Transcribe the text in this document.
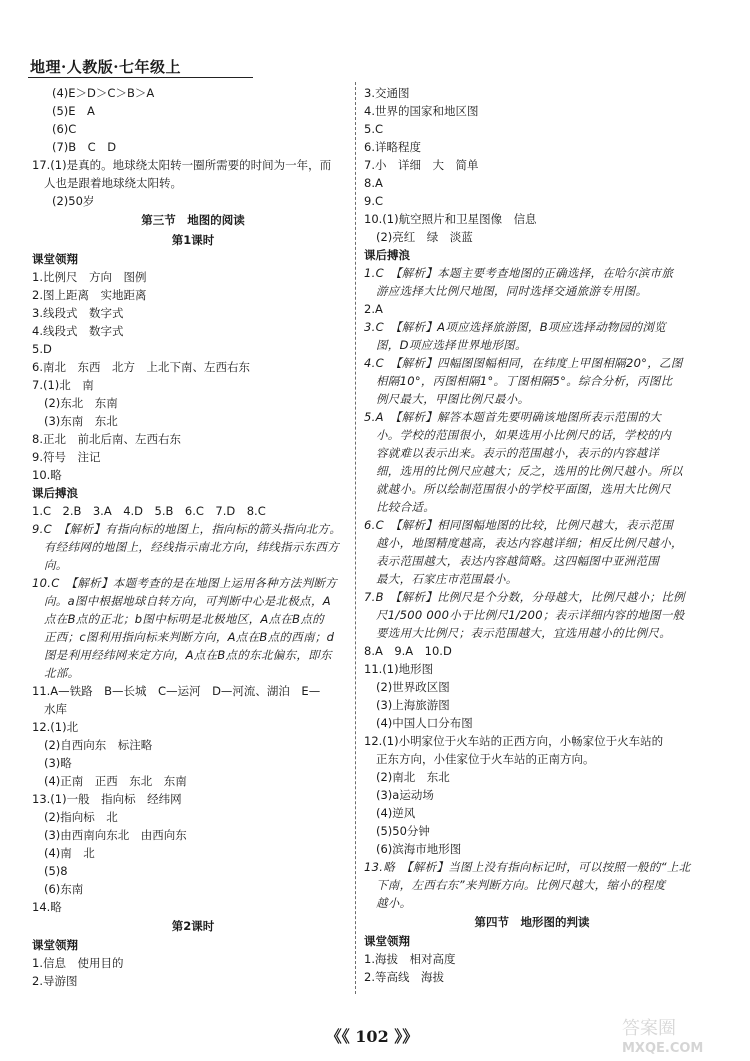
地理·人教版·七年级上
(4)E＞D＞C＞B＞A
(5)E　A
(6)C
(7)B　C　D
17.(1)是真的。地球绕太阳转一圈所需要的时间为一年，而
人也是跟着地球绕太阳转。
(2)50岁
第三节　地图的阅读
第1课时
课堂领翔
1.比例尺　方向　图例
2.图上距离　实地距离
3.线段式　数字式
4.线段式　数字式
5.D
6.南北　东西　北方　上北下南、左西右东
7.(1)北　南
(2)东北　东南
(3)东南　东北
8.正北　前北后南、左西右东
9.符号　注记
10.略
课后搏浪
1.C　2.B　3.A　4.D　5.B　6.C　7.D　8.C
9.C　【解析】有指向标的地图上，指向标的箭头指向北方。
有经纬网的地图上，经线指示南北方向，纬线指示东西方
向。
10.C　【解析】本题考查的是在地图上运用各种方法判断方
向。a图中根据地球自转方向，可判断中心是北极点，A
点在B点的正北；b图中标明是北极地区，A点在B点的
正西；c图利用指向标来判断方向，A点在B点的西南；d
图是利用经纬网来定方向，A点在B点的东北偏东，即东
北部。
11.A—铁路　B—长城　C—运河　D—河流、湖泊　E—
水库
12.(1)北
(2)自西向东　标注略
(3)略
(4)正南　正西　东北　东南
13.(1)一般　指向标　经纬网
(2)指向标　北
(3)由西南向东北　由西向东
(4)南　北
(5)8
(6)东南
14.略
第2课时
课堂领翔
1.信息　使用目的
2.导游图
3.交通图
4.世界的国家和地区图
5.C
6.详略程度
7.小　详细　大　简单
8.A
9.C
10.(1)航空照片和卫星图像　信息
(2)亮红　绿　淡蓝
课后搏浪
1.C　【解析】本题主要考查地图的正确选择，在哈尔滨市旅
游应选择大比例尺地图，同时选择交通旅游专用图。
2.A
3.C　【解析】A项应选择旅游图，B项应选择动物园的浏览
图，D项应选择世界地形图。
4.C　【解析】四幅图图幅相同，在纬度上甲图相隔20°，乙图
相隔10°，丙图相隔1°。丁图相隔5°。综合分析，丙图比
例尺最大，甲图比例尺最小。
5.A　【解析】解答本题首先要明确该地图所表示范围的大
小。学校的范围很小，如果选用小比例尺的话，学校的内
容就难以表示出来。表示的范围越小，表示的内容越详
细，选用的比例尺应越大；反之，选用的比例尺越小。所以
就越小。所以绘制范围很小的学校平面图，选用大比例尺
比较合适。
6.C　【解析】相同图幅地图的比较，比例尺越大，表示范围
越小，地图精度越高，表达内容越详细；相反比例尺越小，
表示范围越大，表达内容越简略。这四幅图中亚洲范围
最大，石家庄市范围最小。
7.B　【解析】比例尺是个分数，分母越大，比例尺越小；比例
尺1/500 000小于比例尺1/200；表示详细内容的地图一般
要选用大比例尺；表示范围越大，宜选用越小的比例尺。
8.A　9.A　10.D
11.(1)地形图
(2)世界政区图
(3)上海旅游图
(4)中国人口分布图
12.(1)小明家位于火车站的正西方向，小畅家位于火车站的
正东方向，小佳家位于火车站的正南方向。
(2)南北　东北
(3)a运动场
(4)逆风
(5)50分钟
(6)滨海市地形图
13.略　【解析】当图上没有指向标记时，可以按照一般的“上北
下南，左西右东”来判断方向。比例尺越大，缩小的程度
越小。
第四节　地形图的判读
课堂领翔
1.海拔　相对高度
2.等高线　海拔
《《 102 》》	答案圈
MXQE.COM
